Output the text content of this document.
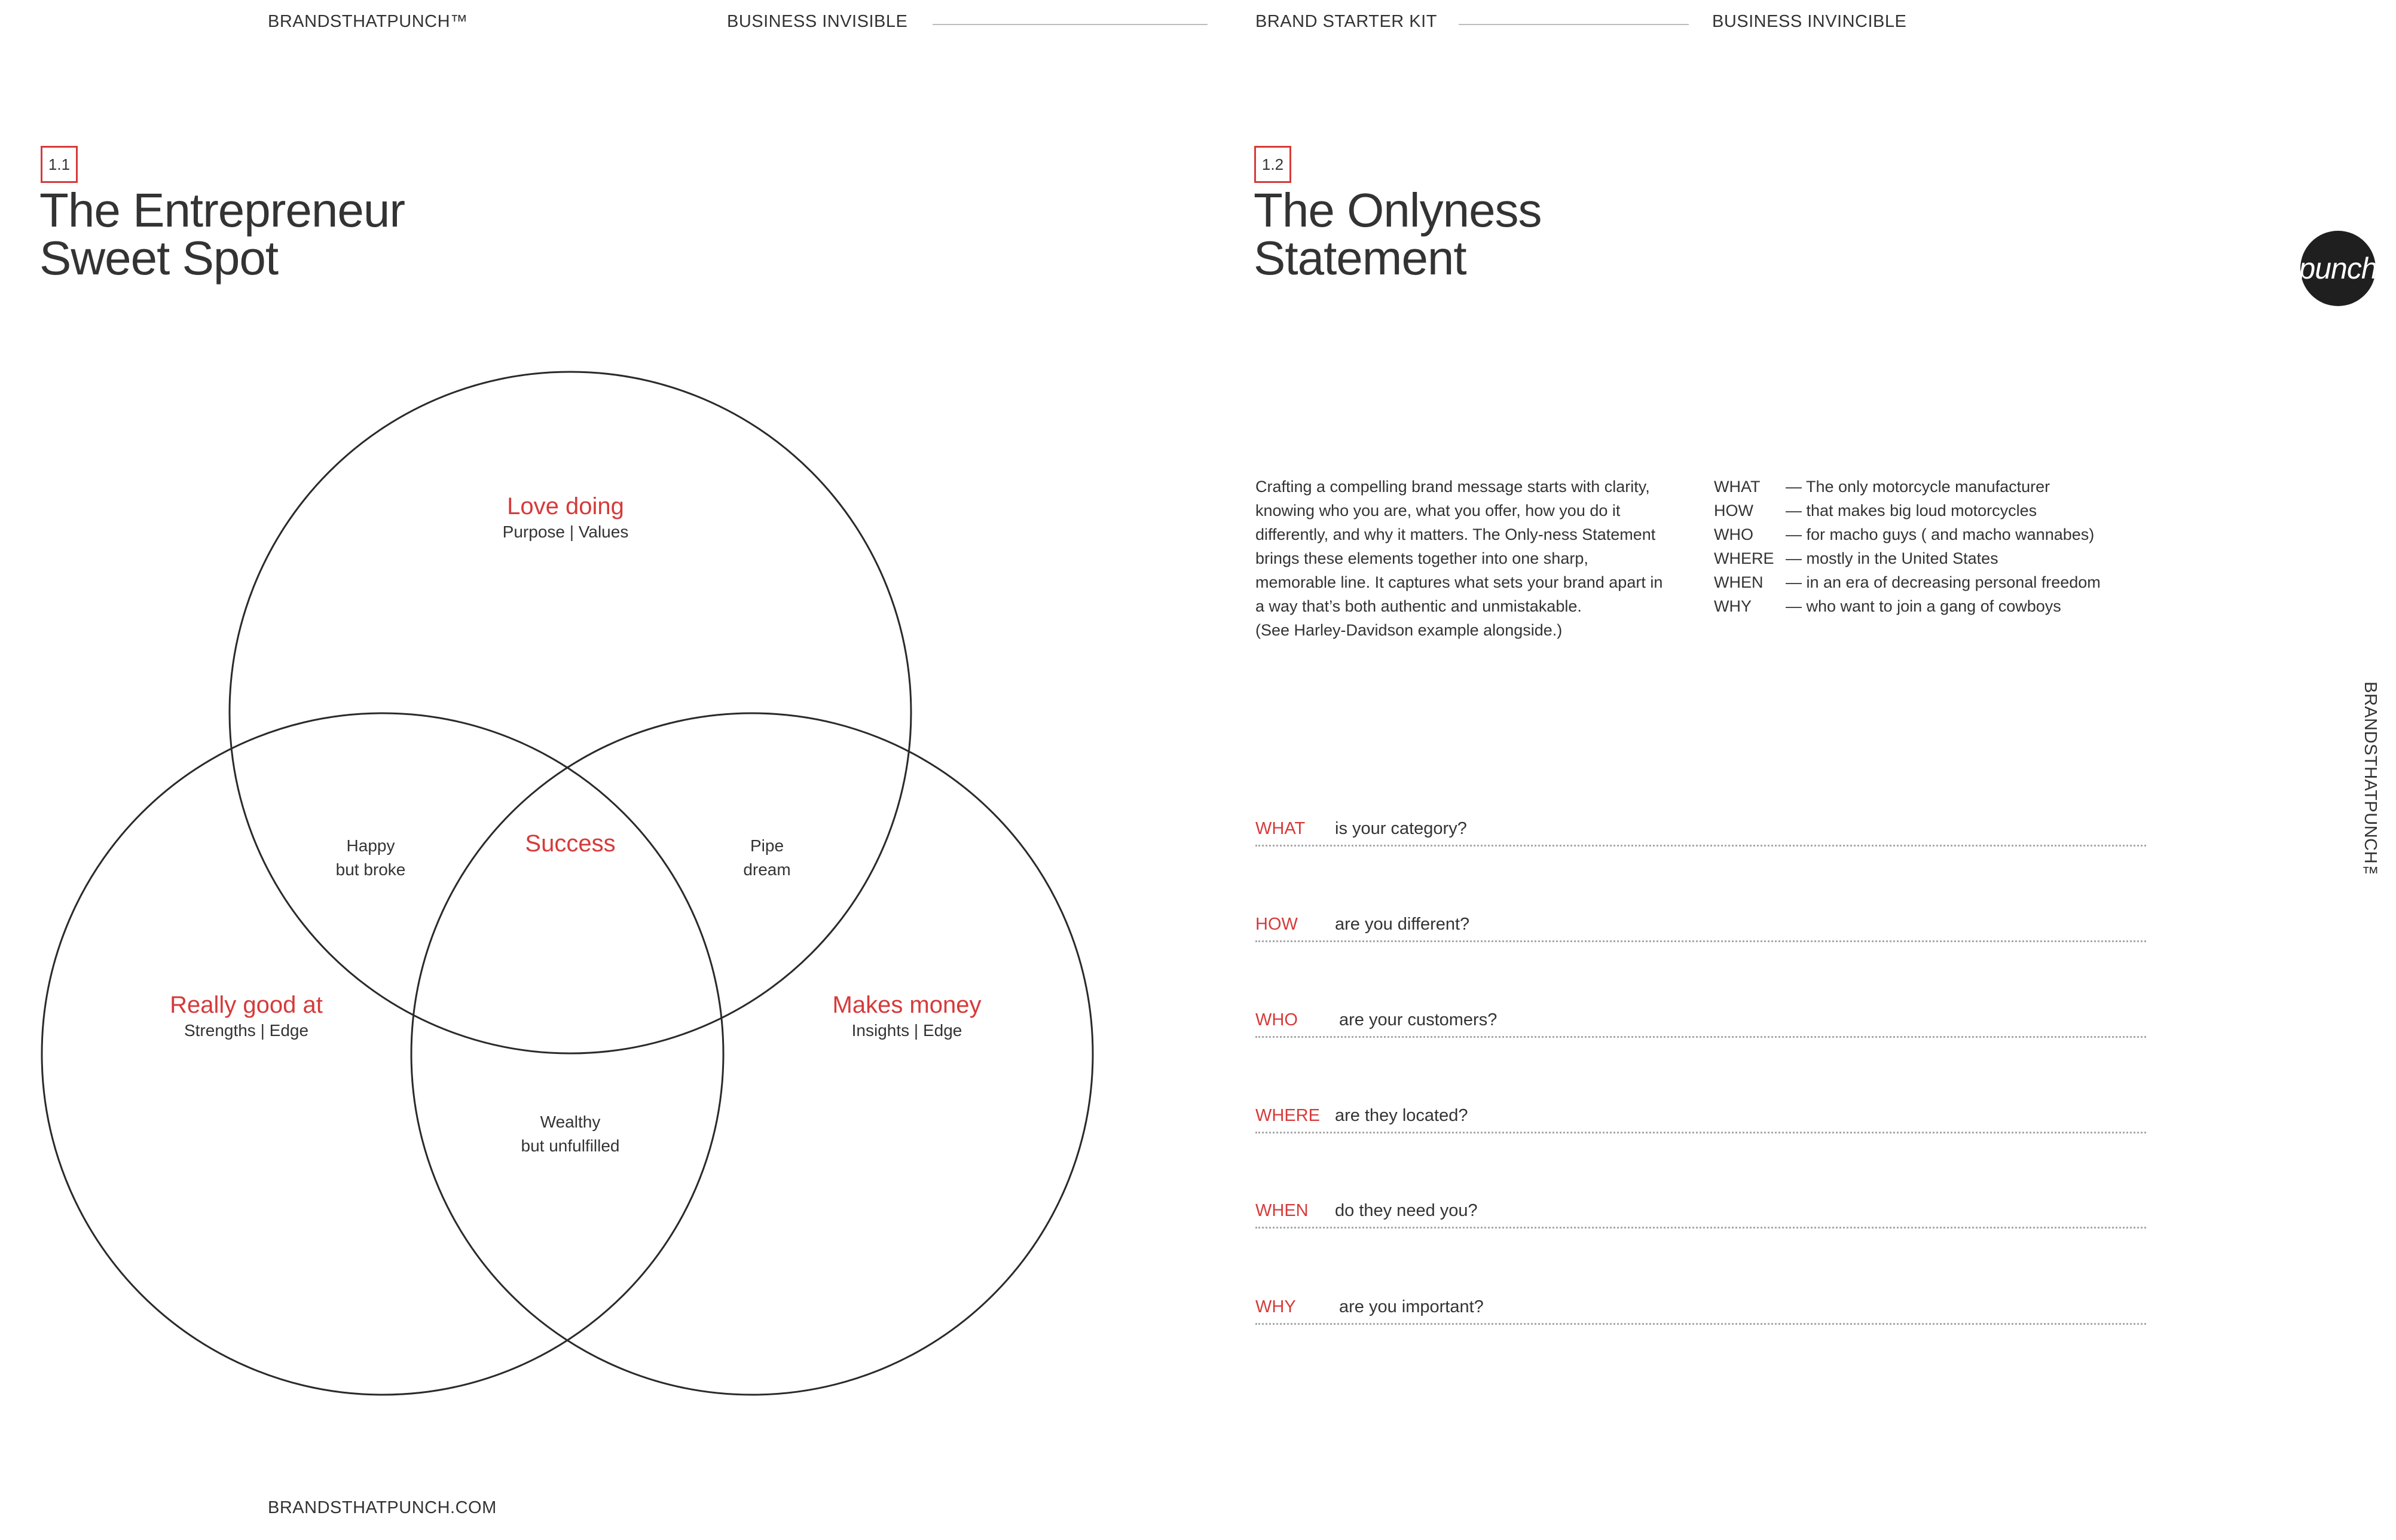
BRANDSTHATPUNCH™	BUSINESS INVISIBLE	BRAND STARTER KIT	BUSINESS INVINCIBLE
1.1
The Entrepreneur
Sweet Spot
Love doing
Purpose | Values
Really good at
Strengths | Edge
Makes money
Insights | Edge
Success
Happy
but broke
Pipe
dream
Wealthy
but unfulfilled
BRANDSTHATPUNCH.COM
1.2
The Onlyness
Statement	punch
Crafting a compelling brand message starts with clarity,
knowing who you are, what you offer, how you do it
differently, and why it matters. The Only-ness Statement
brings these elements together into one sharp,
memorable line. It captures what sets your brand apart in
a way that’s both authentic and unmistakable.
(See Harley-Davidson example alongside.)
WHAT — The only motorcycle manufacturer
HOW — that makes big loud motorcycles
WHO — for macho guys ( and macho wannabes)
WHERE — mostly in the United States
WHEN — in an era of decreasing personal freedom
WHY — who want to join a gang of cowboys
WHAT is your category?
HOW are you different?
WHO are your customers?
WHERE are they located?
WHEN do they need you?
WHY are you important?
BRANDSTHATPUNCH™
